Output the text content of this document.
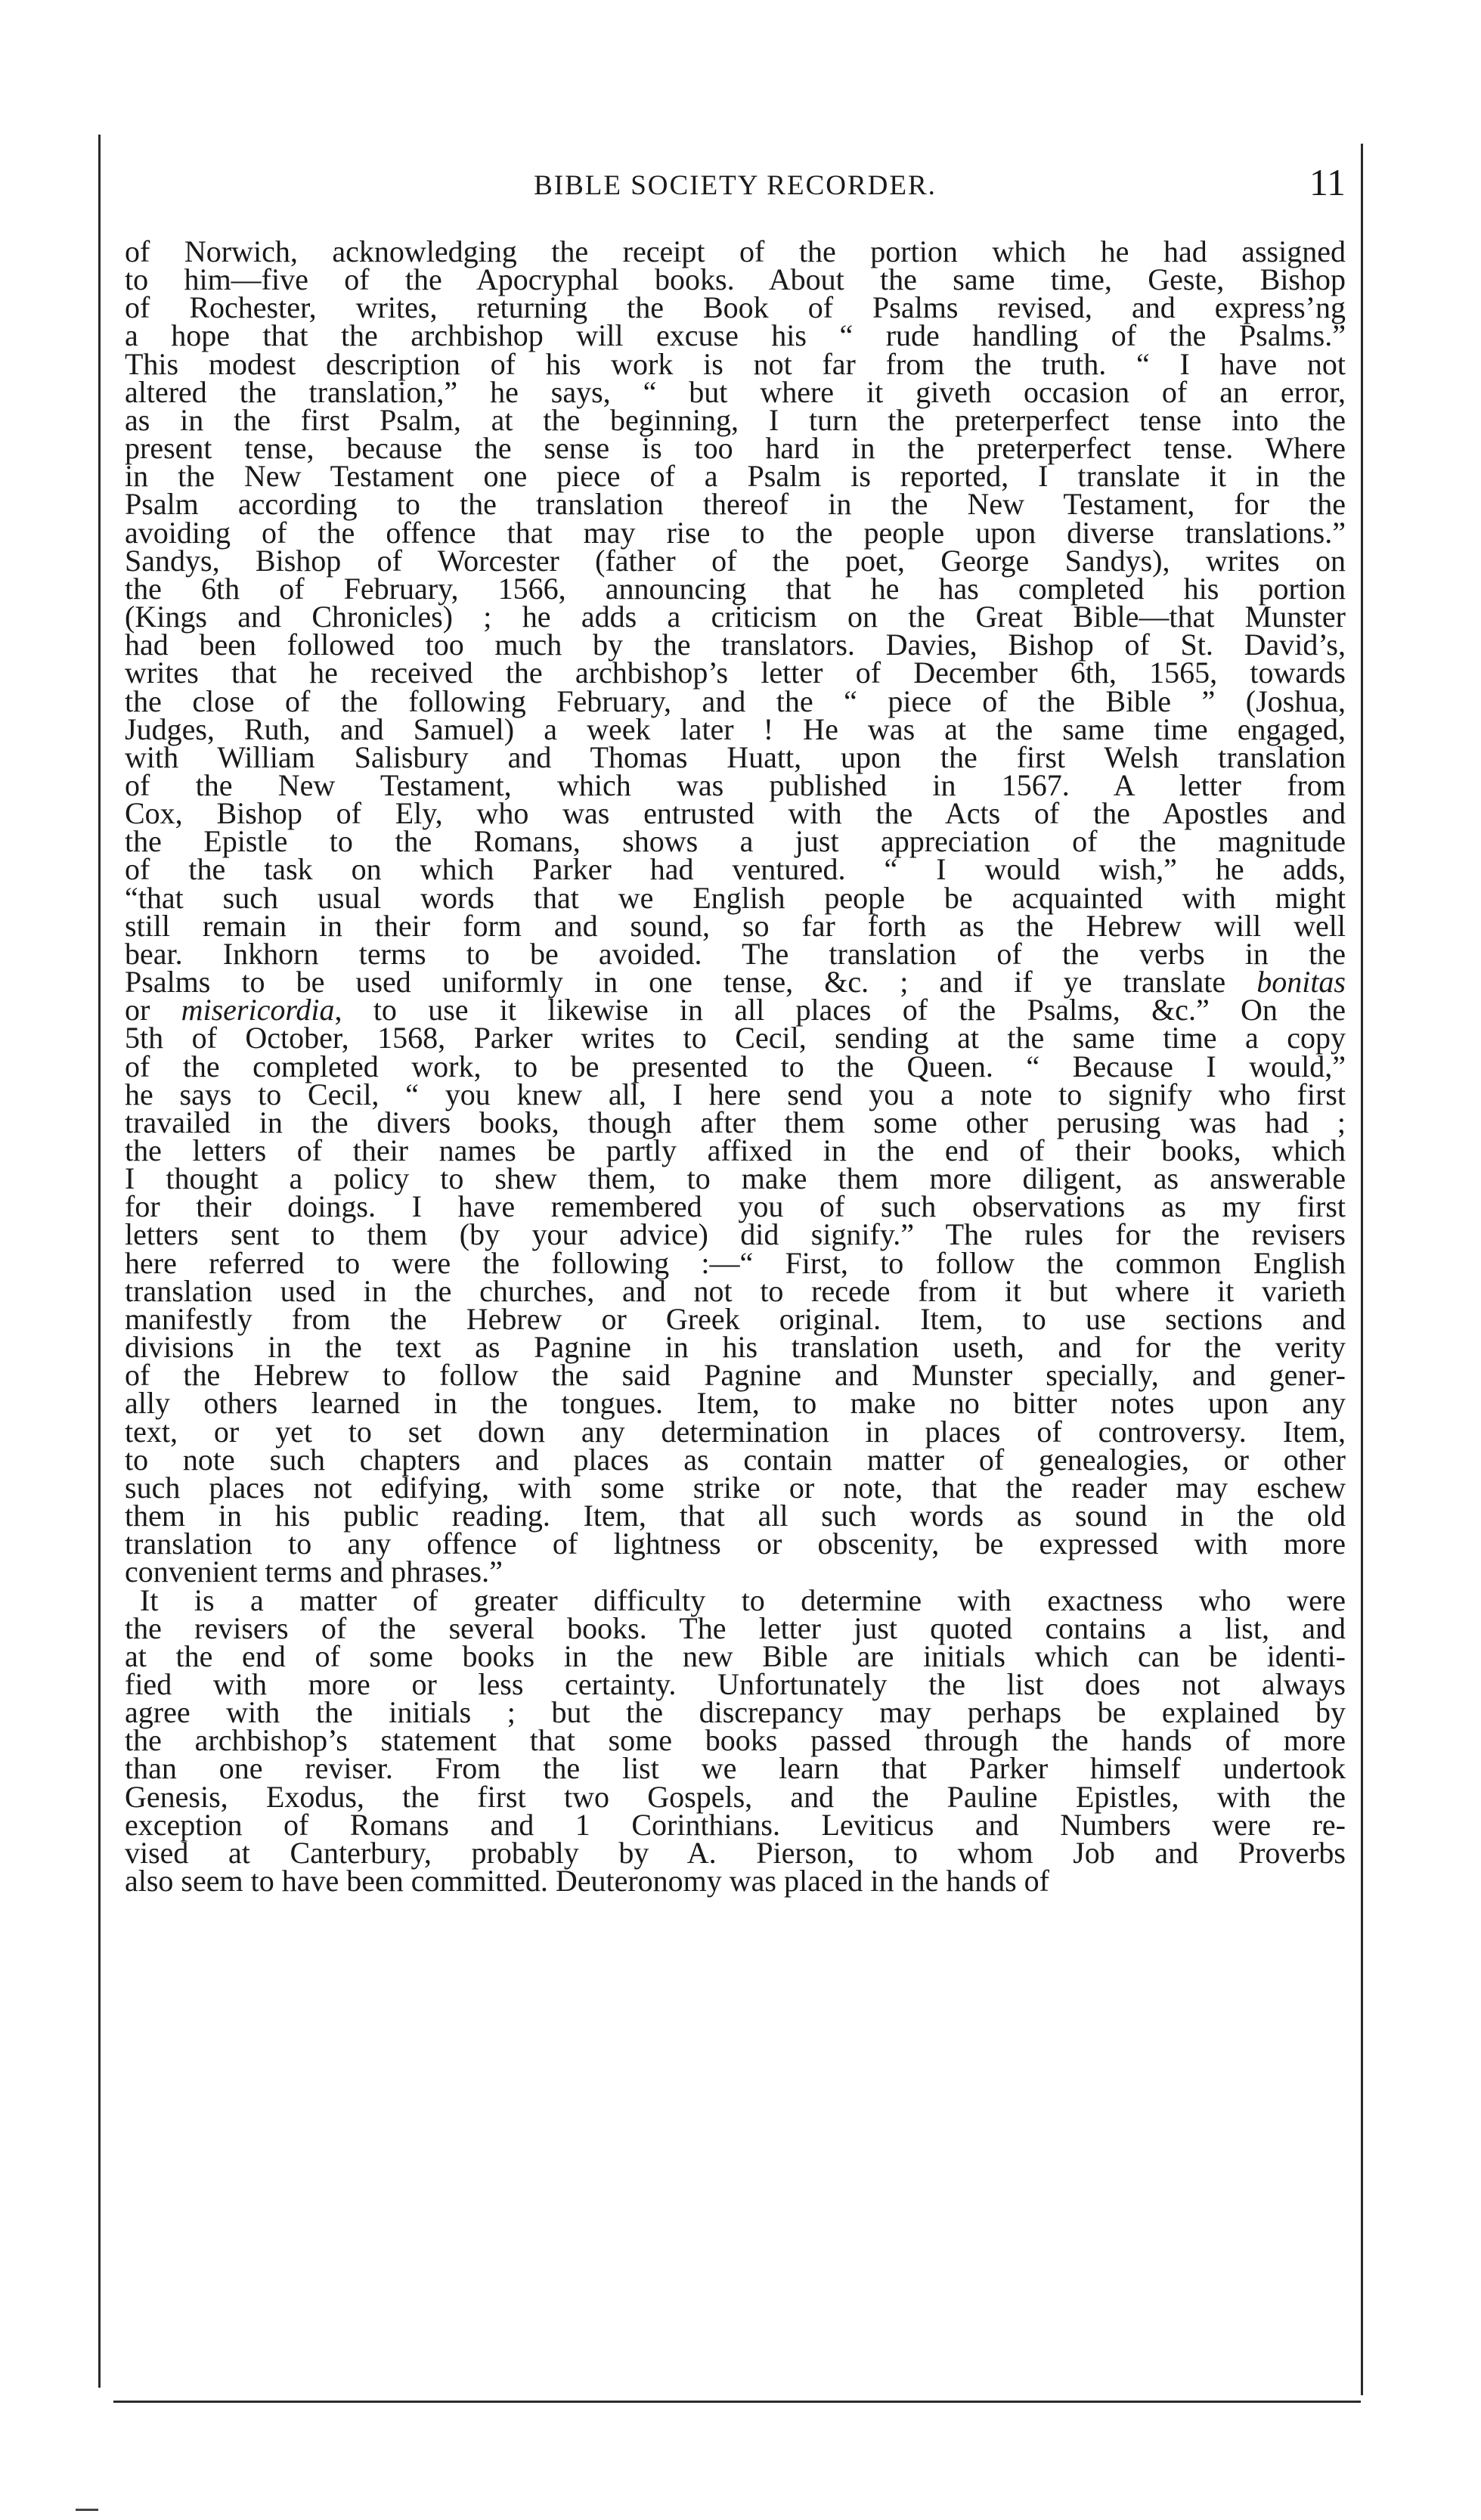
BIBLE SOCIETY RECORDER.	11
of Norwich, acknowledging the receipt of the portion which he had assigned
to him—five of the Apocryphal books. About the same time, Geste, Bishop
of Rochester, writes, returning the Book of Psalms revised, and express’ng
a hope that the archbishop will excuse his “ rude handling of the Psalms.”
This modest description of his work is not far from the truth. “ I have not
altered the translation,” he says, “ but where it giveth occasion of an error,
as in the first Psalm, at the beginning, I turn the preterperfect tense into the
present tense, because the sense is too hard in the preterperfect tense. Where
in the New Testament one piece of a Psalm is reported, I translate it in the
Psalm according to the translation thereof in the New Testament, for the
avoiding of the offence that may rise to the people upon diverse translations.”
Sandys, Bishop of Worcester (father of the poet, George Sandys), writes on
the 6th of February, 1566, announcing that he has completed his portion
(Kings and Chronicles) ; he adds a criticism on the Great Bible—that Munster
had been followed too much by the translators. Davies, Bishop of St. David’s,
writes that he received the archbishop’s letter of December 6th, 1565, towards
the close of the following February, and the “ piece of the Bible ” (Joshua,
Judges, Ruth, and Samuel) a week later ! He was at the same time engaged,
with William Salisbury and Thomas Huatt, upon the first Welsh translation
of the New Testament, which was published in 1567. A letter from
Cox, Bishop of Ely, who was entrusted with the Acts of the Apostles and
the Epistle to the Romans, shows a just appreciation of the magnitude
of the task on which Parker had ventured. “ I would wish,” he adds,
“that such usual words that we English people be acquainted with might
still remain in their form and sound, so far forth as the Hebrew will well
bear. Inkhorn terms to be avoided. The translation of the verbs in the
Psalms to be used uniformly in one tense, &c. ; and if ye translate bonitas
or misericordia, to use it likewise in all places of the Psalms, &c.” On the
5th of October, 1568, Parker writes to Cecil, sending at the same time a copy
of the completed work, to be presented to the Queen. “ Because I would,”
he says to Cecil, “ you knew all, I here send you a note to signify who first
travailed in the divers books, though after them some other perusing was had ;
the letters of their names be partly affixed in the end of their books, which
I thought a policy to shew them, to make them more diligent, as answerable
for their doings. I have remembered you of such observations as my first
letters sent to them (by your advice) did signify.” The rules for the revisers
here referred to were the following :—“ First, to follow the common English
translation used in the churches, and not to recede from it but where it varieth
manifestly from the Hebrew or Greek original. Item, to use sections and
divisions in the text as Pagnine in his translation useth, and for the verity
of the Hebrew to follow the said Pagnine and Munster specially, and gener-
ally others learned in the tongues. Item, to make no bitter notes upon any
text, or yet to set down any determination in places of controversy. Item,
to note such chapters and places as contain matter of genealogies, or other
such places not edifying, with some strike or note, that the reader may eschew
them in his public reading. Item, that all such words as sound in the old
translation to any offence of lightness or obscenity, be expressed with more
convenient terms and phrases.”
It is a matter of greater difficulty to determine with exactness who were
the revisers of the several books. The letter just quoted contains a list, and
at the end of some books in the new Bible are initials which can be identi-
fied with more or less certainty. Unfortunately the list does not always
agree with the initials ; but the discrepancy may perhaps be explained by
the archbishop’s statement that some books passed through the hands of more
than one reviser. From the list we learn that Parker himself undertook
Genesis, Exodus, the first two Gospels, and the Pauline Epistles, with the
exception of Romans and 1 Corinthians. Leviticus and Numbers were re-
vised at Canterbury, probably by A. Pierson, to whom Job and Proverbs
also seem to have been committed. Deuteronomy was placed in the hands of
